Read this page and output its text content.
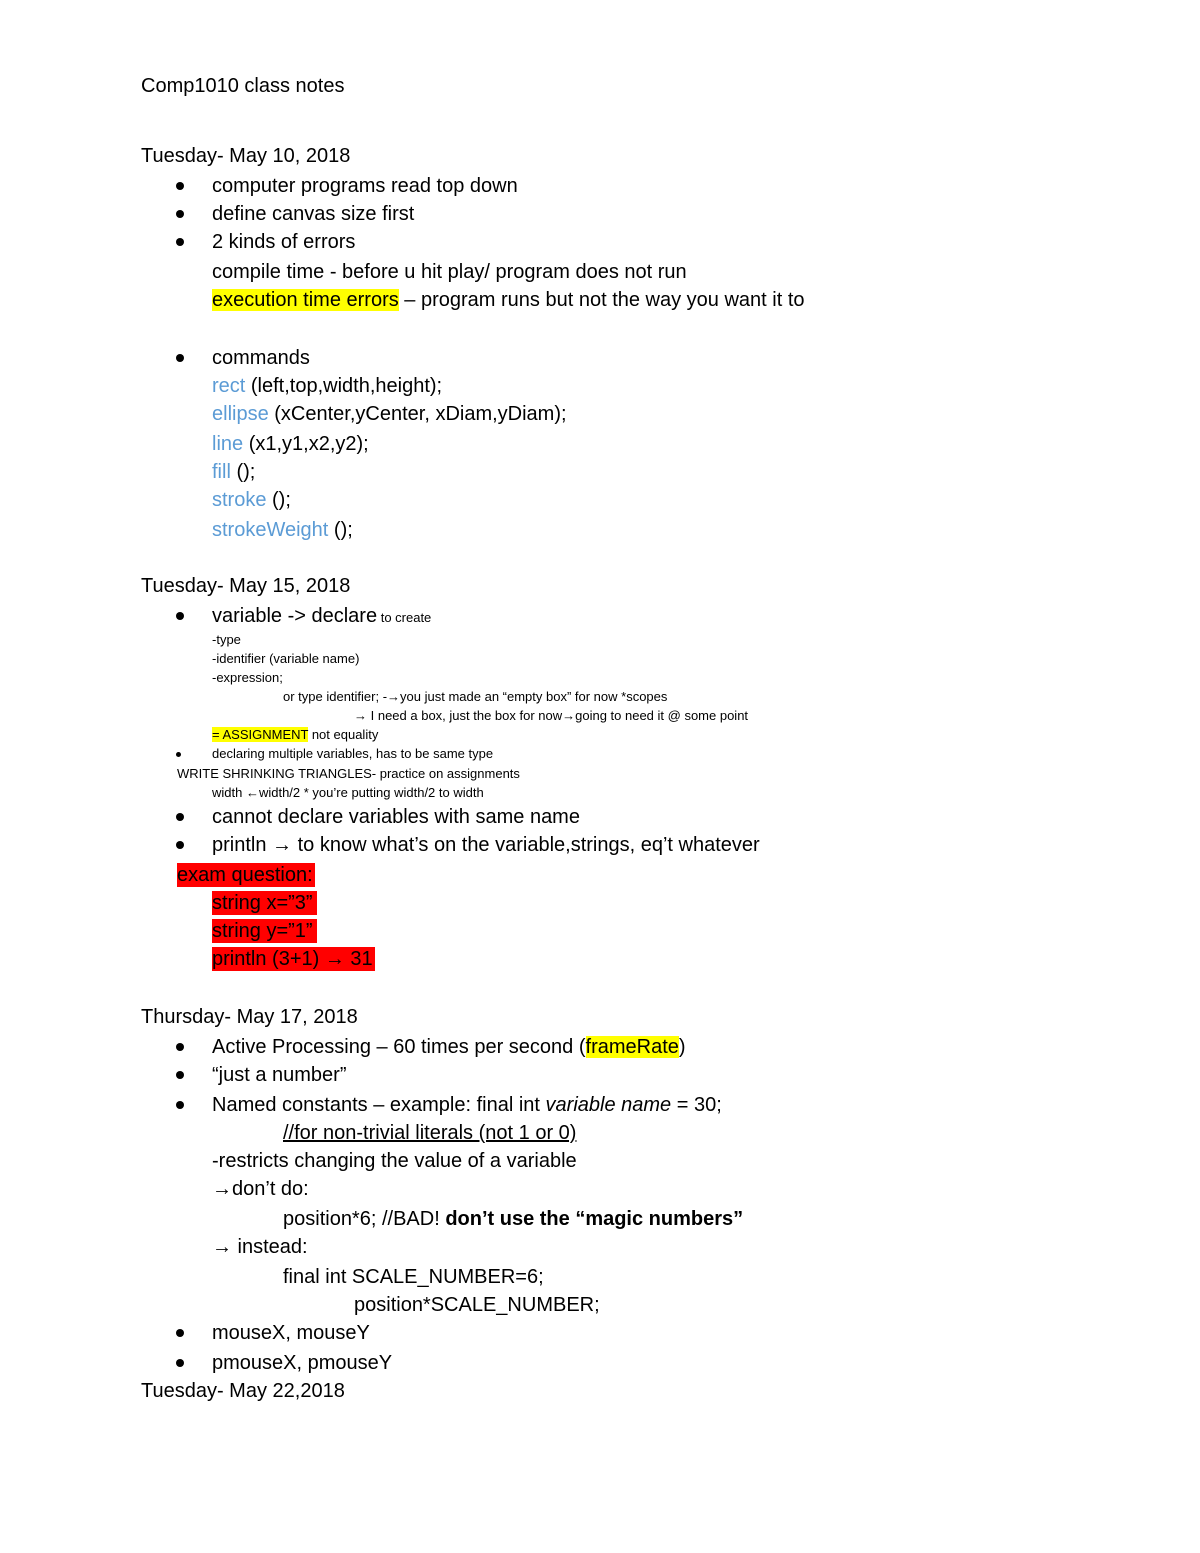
Comp1010 class notes
Tuesday- May 10, 2018
computer programs read top down
define canvas size first
2 kinds of errors
compile time - before u hit play/ program does not run
execution time errors – program runs but not the way you want it to
commands
rect (left,top,width,height);
ellipse (xCenter,yCenter, xDiam,yDiam);
line (x1,y1,x2,y2);
fill ();
stroke ();
strokeWeight ();
Tuesday- May 15, 2018
variable -> declare to create
-type
-identifier (variable name)
-expression;
or type identifier; -→you just made an “empty box” for now *scopes
→ I need a box, just the box for now→going to need it @ some point
= ASSIGNMENT not equality
declaring multiple variables, has to be same type
WRITE SHRINKING TRIANGLES- practice on assignments
width ←width/2 * you’re putting width/2 to width
cannot declare variables with same name
println → to know what’s on the variable,strings, eq’t whatever
exam question:
string x=”3”
string y=”1”
println (3+1) → 31
Thursday- May 17, 2018
Active Processing – 60 times per second (frameRate)
“just a number”
Named constants – example: final int variable name = 30;
//for non-trivial literals (not 1 or 0)
-restricts changing the value of a variable
→don’t do:
position*6; //BAD! don’t use the “magic numbers”
→ instead:
final int SCALE_NUMBER=6;
position*SCALE_NUMBER;
mouseX, mouseY
pmouseX, pmouseY
Tuesday- May 22,2018
